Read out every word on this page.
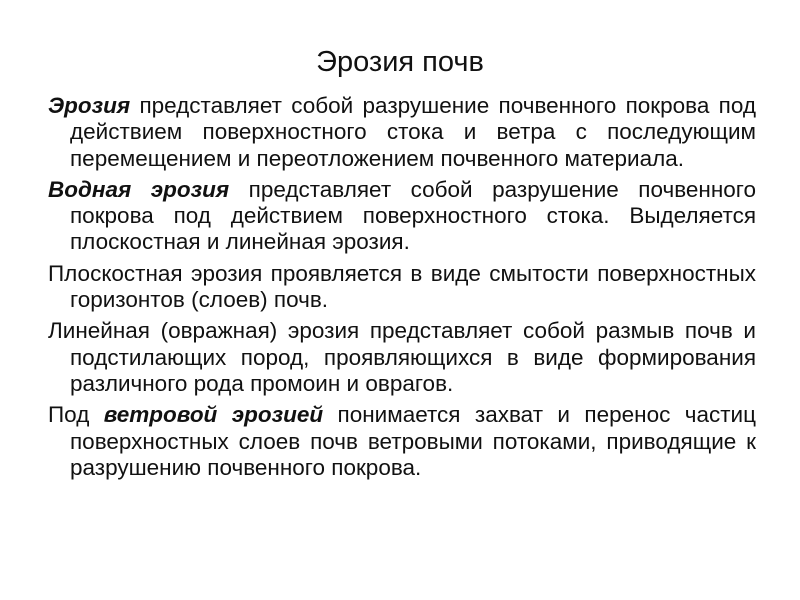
Эрозия почв

Эрозия представляет собой разрушение почвенного покрова под действием поверхностного стока и ветра с последующим перемещением и переотложением почвенного материала.

Водная эрозия представляет собой разрушение почвенного покрова под действием поверхностного стока. Выделяется плоскостная и линейная эрозия.

Плоскостная эрозия проявляется в виде смытости поверхностных горизонтов (слоев) почв.

Линейная (овражная) эрозия представляет собой размыв почв и подстилающих пород, проявляющихся в виде формирования различного рода промоин и оврагов.

Под ветровой эрозией понимается захват и перенос частиц поверхностных слоев почв ветровыми потоками, приводящие к разрушению почвенного покрова.
